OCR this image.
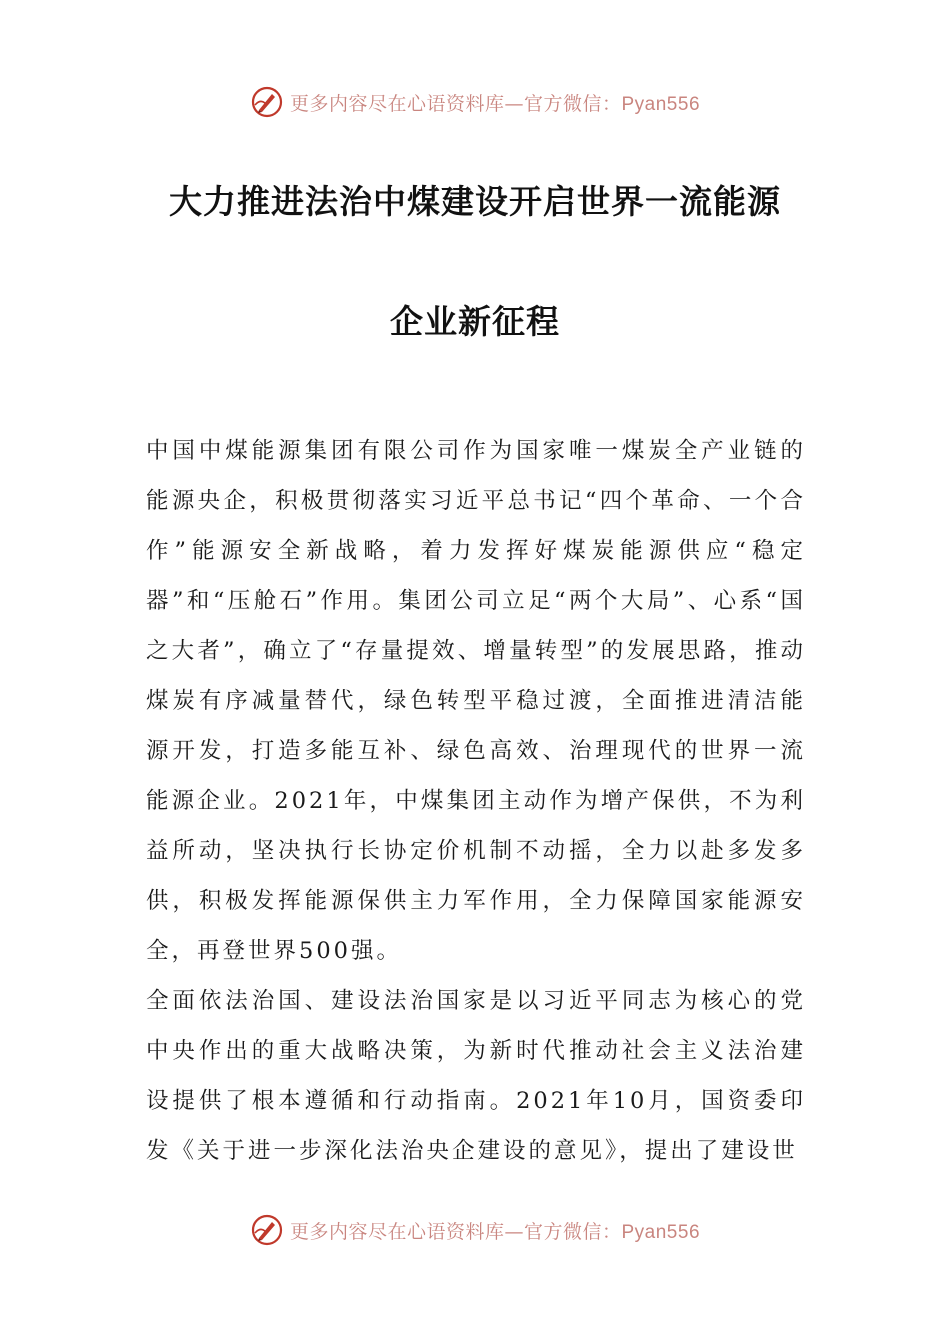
更多内容尽在心语资料库—官方微信：Pyan556
大力推进法治中煤建设开启世界一流能源
企业新征程

中国中煤能源集团有限公司作为国家唯一煤炭全产业链的能源央企，积极贯彻落实习近平总书记“四个革命、一个合作”能源安全新战略，着力发挥好煤炭能源供应“稳定器”和“压舱石”作用。集团公司立足“两个大局”、心系“国之大者”，确立了“存量提效、增量转型”的发展思路，推动煤炭有序减量替代，绿色转型平稳过渡，全面推进清洁能源开发，打造多能互补、绿色高效、治理现代的世界一流能源企业。2021年，中煤集团主动作为增产保供，不为利益所动，坚决执行长协定价机制不动摇，全力以赴多发多供，积极发挥能源保供主力军作用，全力保障国家能源安全，再登世界500强。

全面依法治国、建设法治国家是以习近平同志为核心的党中央作出的重大战略决策，为新时代推动社会主义法治建设提供了根本遵循和行动指南。2021年10月，国资委印发《关于进一步深化法治央企建设的意见》，提出了建设世

更多内容尽在心语资料库—官方微信：Pyan556
